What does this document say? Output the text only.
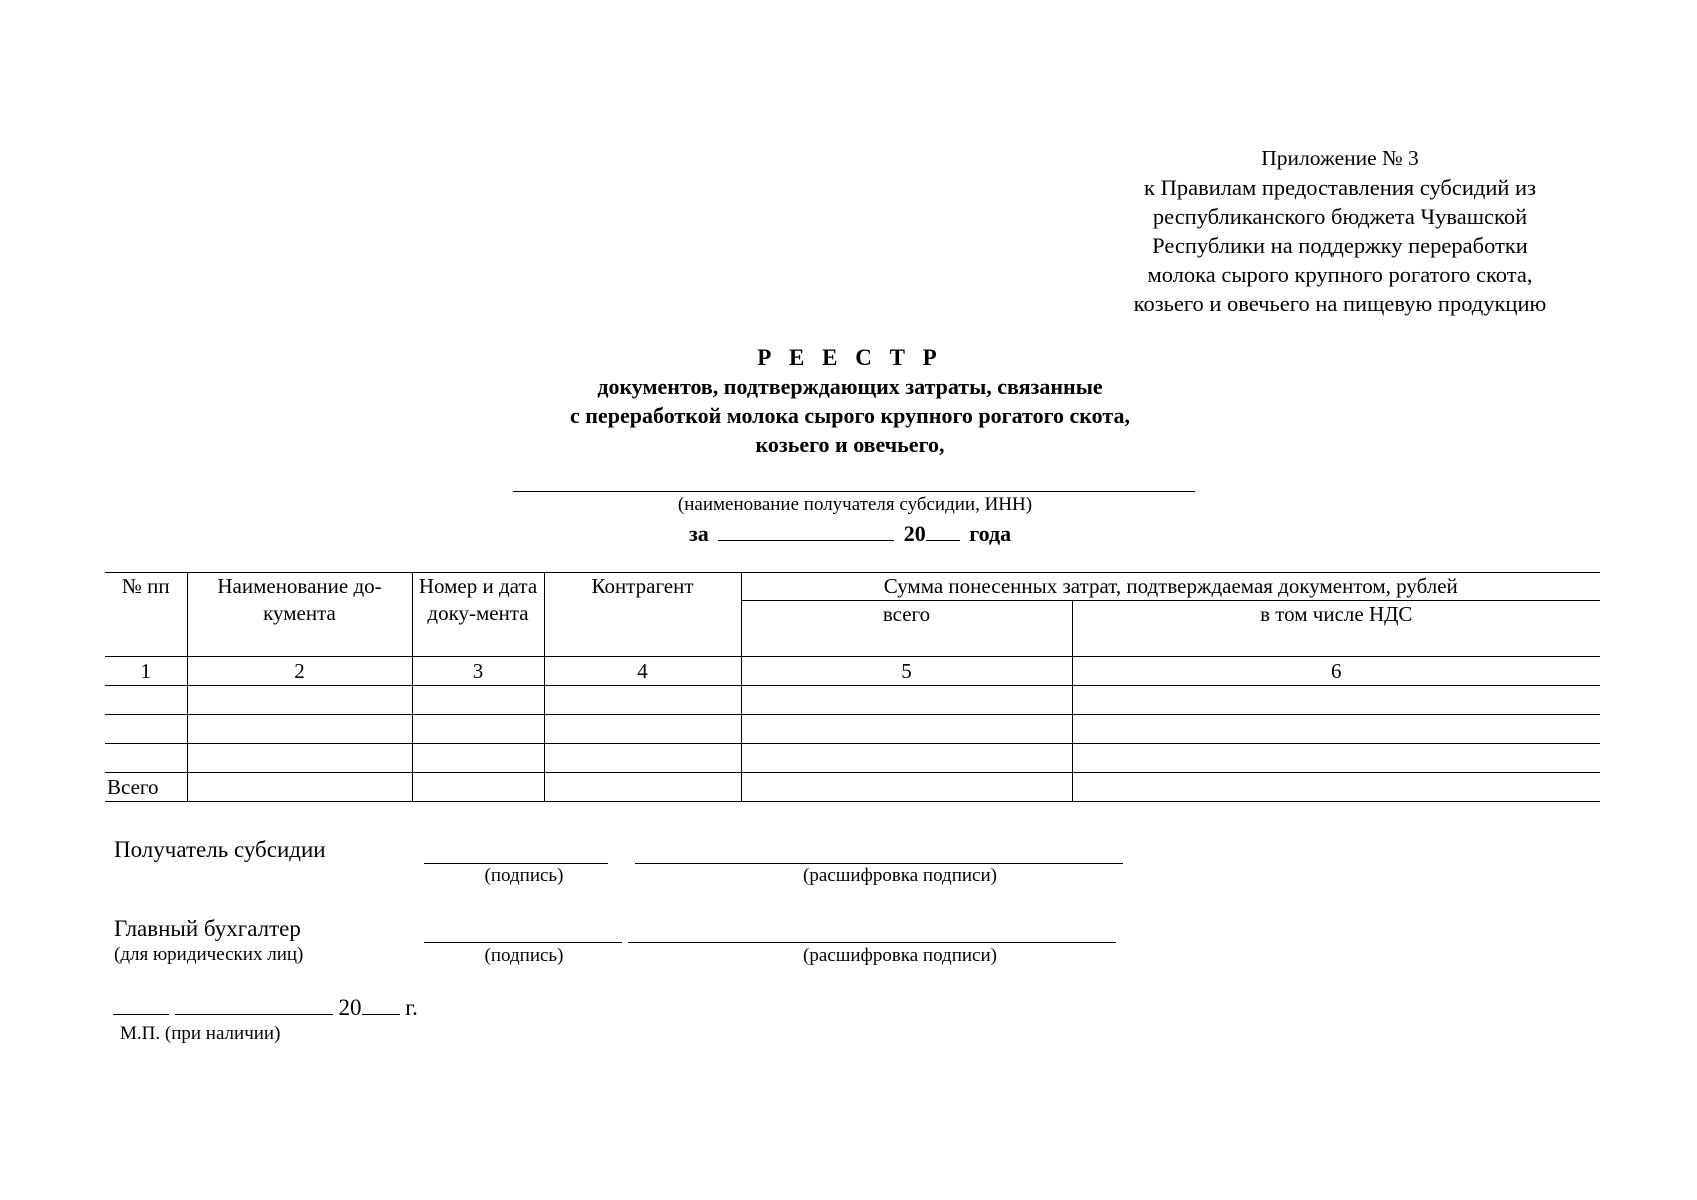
Приложение № 3
к Правилам предоставления субсидий из
республиканского бюджета Чувашской
Республики на поддержку переработки
молока сырого крупного рогатого скота,
козьего и овечьего на пищевую продукцию
Р Е Е С Т Р
документов, подтверждающих затраты, связанные
с переработкой молока сырого крупного рогатого скота,
козьего и овечьего,
(наименование получателя субсидии, ИНН)
за	20 года
№ пп	Наименование до-кумента	Номер и дата доку-мента	Контрагент	Сумма понесенных затрат, подтверждаемая документом, рублей	
				всего	в том числе НДС
1	2	3	4	5	6

Всего					
Получатель субсидии
(подпись)	(расшифровка подписи)
Главный бухгалтер
(для юридических лиц)	(подпись)	(расшифровка подписи)
20 г.
М.П. (при наличии)
